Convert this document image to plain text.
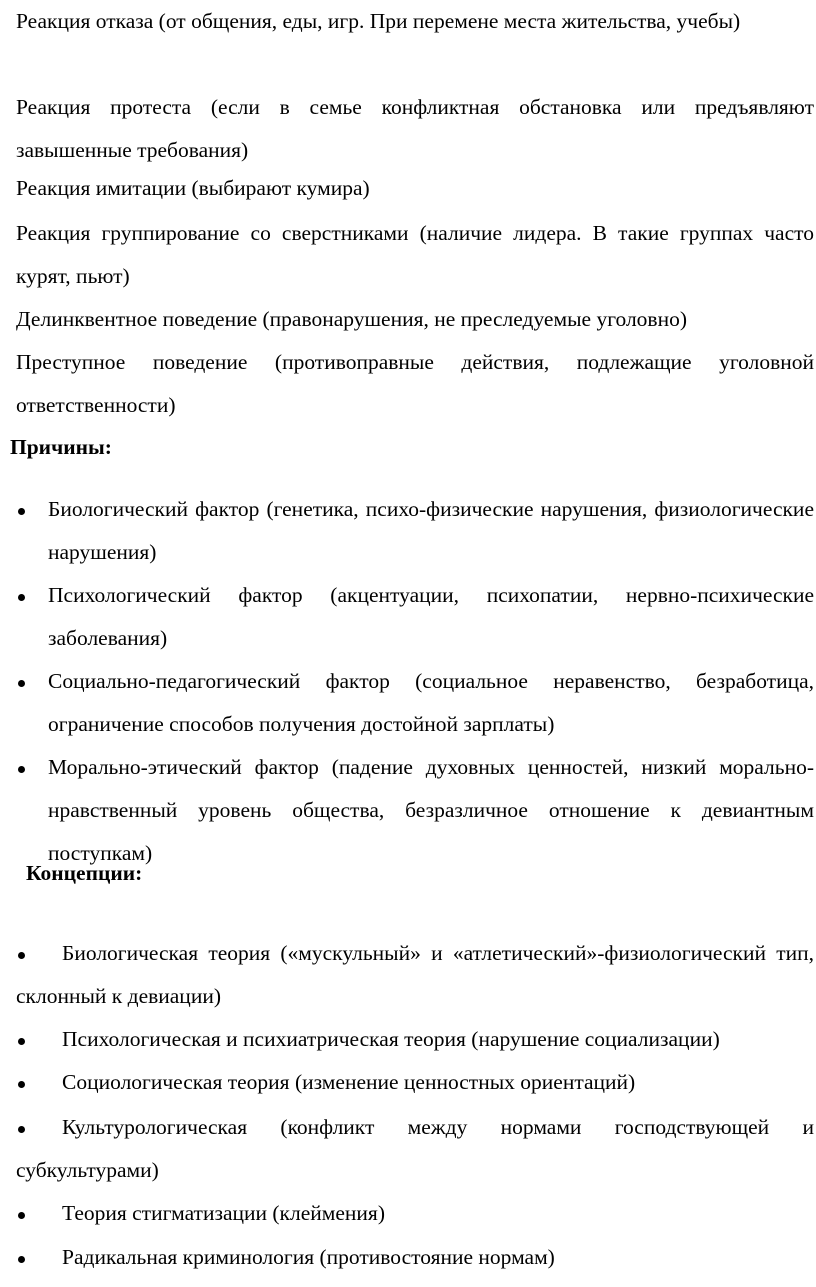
Реакция отказа (от общения, еды, игр. При перемене места жительства, учебы)

Реакция протеста (если в семье конфликтная обстановка или предъявляют завышенные требования)

Реакция имитации (выбирают кумира)

Реакция группирование со сверстниками (наличие лидера. В такие группах часто курят, пьют)

Делинквентное поведение (правонарушения, не преследуемые уголовно)

Преступное поведение (противоправные действия, подлежащие уголовной ответственности)

Причины:
Биологический фактор (генетика, психо-физические нарушения, физиологические нарушения)
Психологический фактор (акцентуации, психопатии, нервно-психические заболевания)
Социально-педагогический фактор (социальное неравенство, безработица, ограничение способов получения достойной зарплаты)
Морально-этический фактор (падение духовных ценностей, низкий морально-нравственный уровень общества, безразличное отношение к девиантным поступкам)
Концепции:

Биологическая теория («мускульный» и «атлетический»-физиологический тип, склонный к девиации)

Психологическая и психиатрическая теория (нарушение социализации)

Социологическая теория (изменение ценностных ориентаций)

Культурологическая (конфликт между нормами господствующей и субкультурами)

Теория стигматизации (клеймения)

Радикальная криминология (противостояние нормам)
